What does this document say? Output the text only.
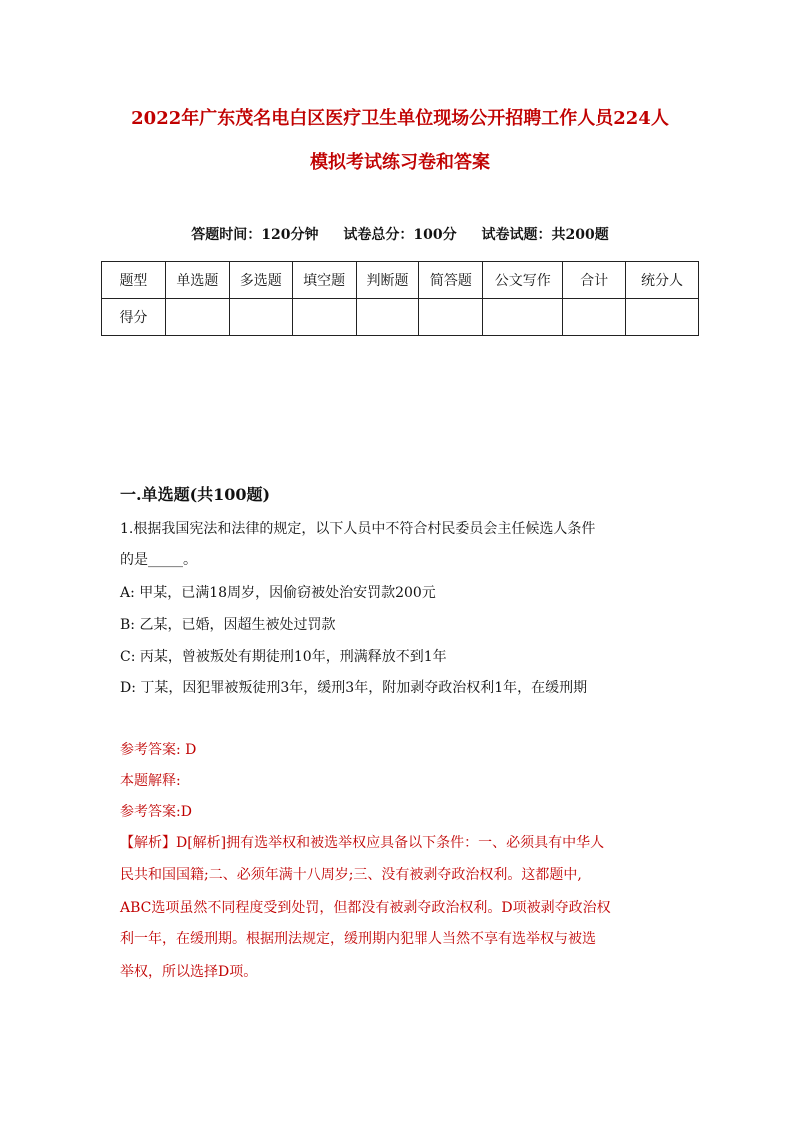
2022年广东茂名电白区医疗卫生单位现场公开招聘工作人员224人
模拟考试练习卷和答案
答题时间：120分钟 试卷总分：100分 试卷试题：共200题
题型	单选题	多选题	填空题	判断题	简答题	公文写作	合计	统分人
得分								
一.单选题(共100题)
1.根据我国宪法和法律的规定，以下人员中不符合村民委员会主任候选人条件
的是_____。
A: 甲某，已满18周岁，因偷窃被处治安罚款200元
B: 乙某，已婚，因超生被处过罚款
C: 丙某，曾被叛处有期徒刑10年，刑满释放不到1年
D: 丁某，因犯罪被叛徒刑3年，缓刑3年，附加剥夺政治权利1年，在缓刑期
参考答案: D
本题解释:
参考答案:D
【解析】D[解析]拥有选举权和被选举权应具备以下条件：一、必须具有中华人
民共和国国籍;二、必须年满十八周岁;三、没有被剥夺政治权利。这都题中,
ABC选项虽然不同程度受到处罚，但都没有被剥夺政治权利。D项被剥夺政治权
利一年，在缓刑期。根据刑法规定，缓刑期内犯罪人当然不享有选举权与被选
举权，所以选择D项。
